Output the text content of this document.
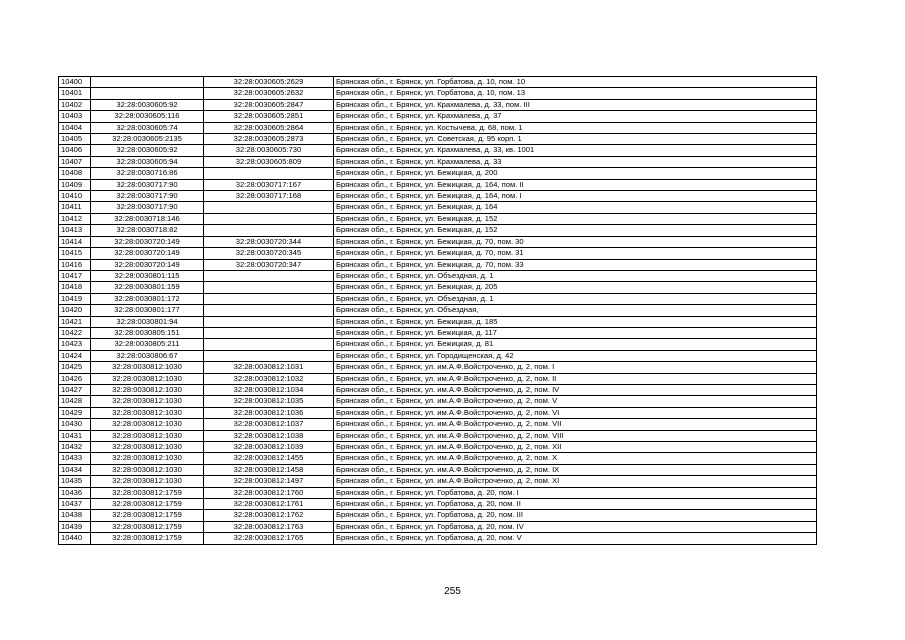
10400		32:28:0030605:2629	Брянская обл., г. Брянск, ул. Горбатова, д. 10, пом. 10
10401		32:28:0030605:2632	Брянская обл., г. Брянск, ул. Горбатова, д. 10, пом. 13
10402	32:28:0030605:92	32:28:0030605:2847	Брянская обл., г. Брянск, ул. Крахмалева, д. 33, пом. III
10403	32:28:0030605:116	32:28:0030605:2851	Брянская обл., г. Брянск, ул. Крахмалева, д. 37
10404	32:28:0030605:74	32:28:0030605:2864	Брянская обл., г. Брянск, ул. Костычева, д. 68, пом. 1
10405	32:28:0030605:2135	32:28:0030605:2873	Брянская обл., г. Брянск, ул. Советская, д. 95 корп. 1
10406	32:28:0030605:92	32:28:0030605:730	Брянская обл., г. Брянск, ул. Крахмалева, д. 33, кв. 1001
10407	32:28:0030605:94	32:28:0030605:809	Брянская обл., г. Брянск, ул. Крахмалева, д. 33
10408	32:28:0030716:86		Брянская обл., г. Брянск, ул. Бежицкая, д. 200
10409	32:28:0030717:90	32:28:0030717:167	Брянская обл., г. Брянск, ул. Бежицкая, д. 164, пом. II
10410	32:28:0030717:90	32:28:0030717:168	Брянская обл., г. Брянск, ул. Бежицкая, д. 164, пом. I
10411	32:28:0030717:90		Брянская обл., г. Брянск, ул. Бежицкая, д. 164
10412	32:28:0030718:146		Брянская обл., г. Брянск, ул. Бежицкая, д. 152
10413	32:28:0030718:82		Брянская обл., г. Брянск, ул. Бежицкая, д. 152
10414	32:28:0030720:149	32:28:0030720:344	Брянская обл., г. Брянск, ул. Бежицкая, д. 70, пом. 30
10415	32:28:0030720:149	32:28:0030720:345	Брянская обл., г. Брянск, ул. Бежицкая, д. 70, пом. 31
10416	32:28:0030720:149	32:28:0030720:347	Брянская обл., г. Брянск, ул. Бежицкая, д. 70, пом. 33
10417	32:28:0030801:115		Брянская обл., г. Брянск, ул. Объездная, д. 1
10418	32:28:0030801:159		Брянская обл., г. Брянск, ул. Бежицкая, д. 205
10419	32:28:0030801:172		Брянская обл., г. Брянск, ул. Объездная, д. 1
10420	32:28:0030801:177		Брянская обл., г. Брянск, ул. Объездная,
10421	32:28:0030801:94		Брянская обл., г. Брянск, ул. Бежицкая, д. 185
10422	32:28:0030805:151		Брянская обл., г. Брянск, ул. Бежицкая, д. 117
10423	32:28:0030805:211		Брянская обл., г. Брянск, ул. Бежицкая, д. 81
10424	32:28:0030806:67		Брянская обл., г. Брянск, ул. Городищенская, д. 42
10425	32:28:0030812:1030	32:28:0030812:1031	Брянская обл., г. Брянск, ул. им.А.Ф.Войстроченко, д. 2, пом. I
10426	32:28:0030812:1030	32:28:0030812:1032	Брянская обл., г. Брянск, ул. им.А.Ф.Войстроченко, д. 2, пом. II
10427	32:28:0030812:1030	32:28:0030812:1034	Брянская обл., г. Брянск, ул. им.А.Ф.Войстроченко, д. 2, пом. IV
10428	32:28:0030812:1030	32:28:0030812:1035	Брянская обл., г. Брянск, ул. им.А.Ф.Войстроченко, д. 2, пом. V
10429	32:28:0030812:1030	32:28:0030812:1036	Брянская обл., г. Брянск, ул. им.А.Ф.Войстроченко, д. 2, пом. VI
10430	32:28:0030812:1030	32:28:0030812:1037	Брянская обл., г. Брянск, ул. им.А.Ф.Войстроченко, д. 2, пом. VII
10431	32:28:0030812:1030	32:28:0030812:1038	Брянская обл., г. Брянск, ул. им.А.Ф.Войстроченко, д. 2, пом. VIII
10432	32:28:0030812:1030	32:28:0030812:1039	Брянская обл., г. Брянск, ул. им.А.Ф.Войстроченко, д. 2, пом. XII
10433	32:28:0030812:1030	32:28:0030812:1455	Брянская обл., г. Брянск, ул. им.А.Ф.Войстроченко, д. 2, пом. X
10434	32:28:0030812:1030	32:28:0030812:1458	Брянская обл., г. Брянск, ул. им.А.Ф.Войстроченко, д. 2, пом. IX
10435	32:28:0030812:1030	32:28:0030812:1497	Брянская обл., г. Брянск, ул. им.А.Ф.Войстроченко, д. 2, пом. XI
10436	32:28:0030812:1759	32:28:0030812:1760	Брянская обл., г. Брянск, ул. Горбатова, д. 20, пом. I
10437	32:28:0030812:1759	32:28:0030812:1761	Брянская обл., г. Брянск, ул. Горбатова, д. 20, пом. II
10438	32:28:0030812:1759	32:28:0030812:1762	Брянская обл., г. Брянск, ул. Горбатова, д. 20, пом. III
10439	32:28:0030812:1759	32:28:0030812:1763	Брянская обл., г. Брянск, ул. Горбатова, д. 20, пом. IV
10440	32:28:0030812:1759	32:28:0030812:1765	Брянская обл., г. Брянск, ул. Горбатова, д. 20, пом. V
255
